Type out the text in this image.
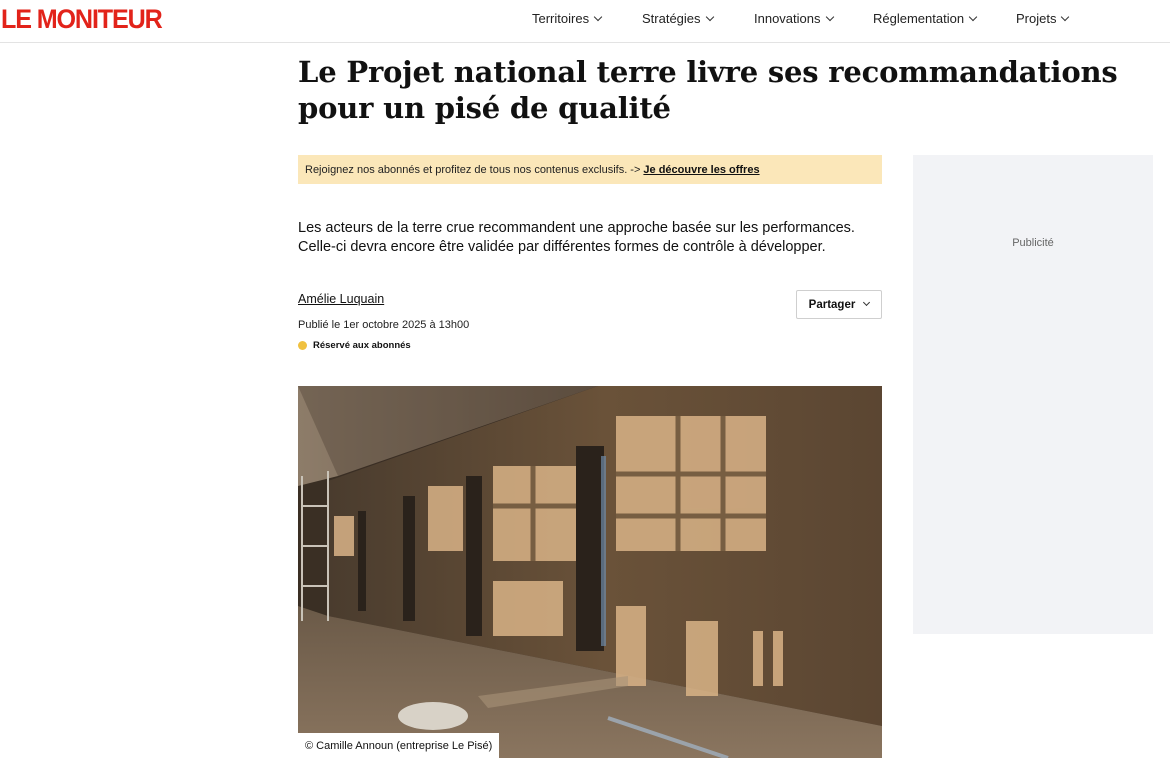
LE MONITEUR	Territoires	Stratégies	Innovations	Réglementation	Projets
Le Projet national terre livre ses recommandations pour un pisé de qualité
Rejoignez nos abonnés et profitez de tous nos contenus exclusifs. -> Je découvre les offres
Publicité

Les acteurs de la terre crue recommandent une approche basée sur les performances. Celle-ci devra encore être validée par différentes formes de contrôle à développer.

Amélie Luquain	Partager
Publié le 1er octobre 2025 à 13h00
Réservé aux abonnés
© Camille Announ (entreprise Le Pisé)
